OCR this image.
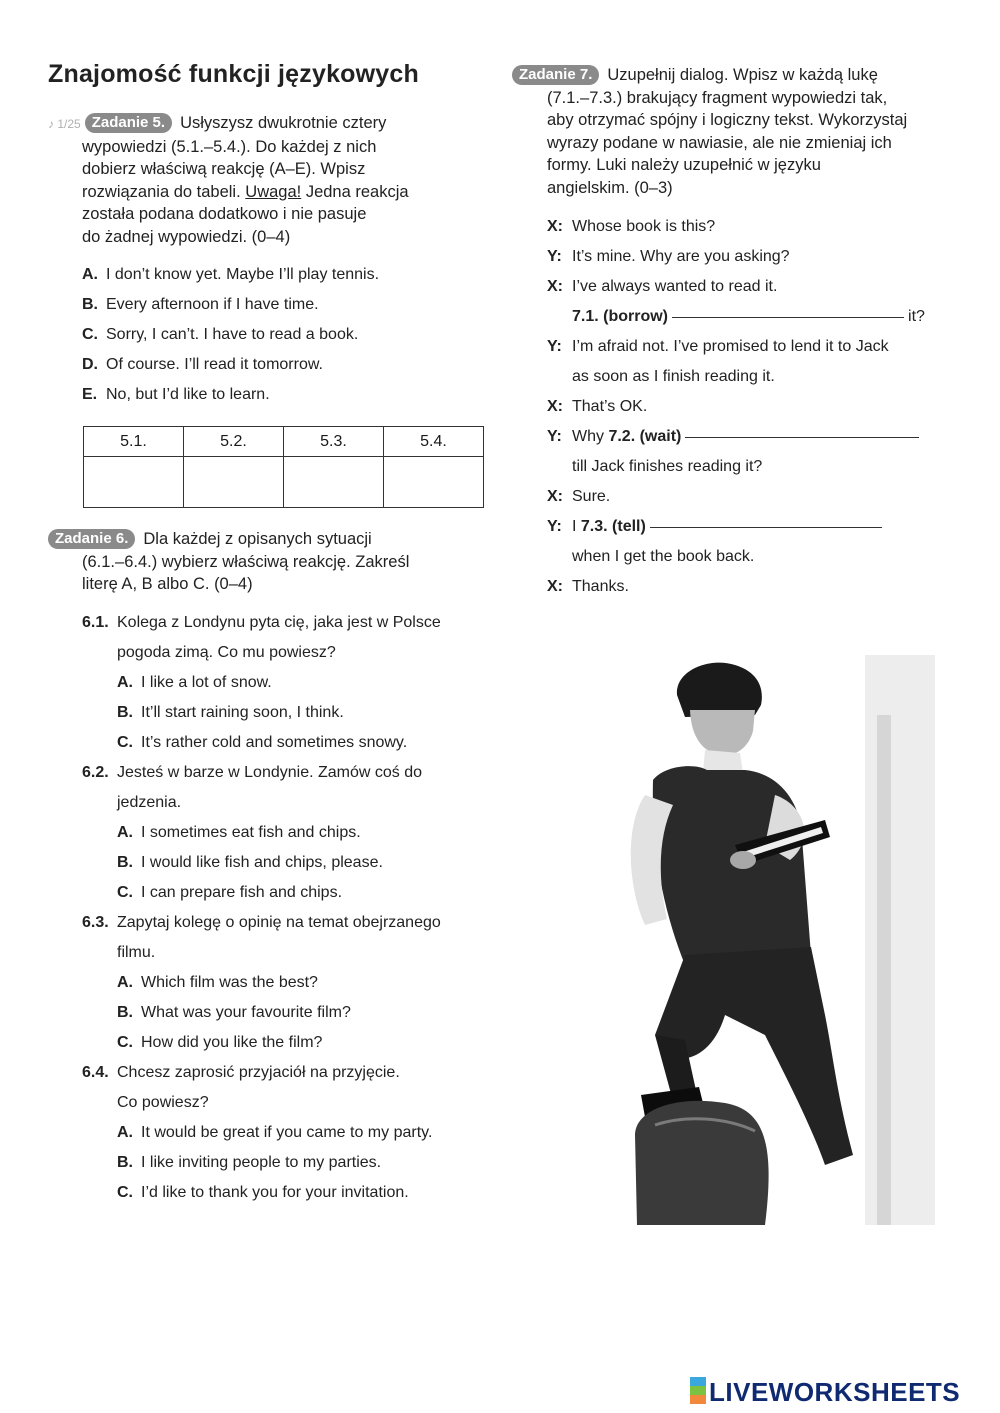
Znajomość funkcji językowych
♪ 1/25 Zadanie 5. Usłyszysz dwukrotnie cztery
wypowiedzi (5.1.–5.4.). Do każdej z nich
dobierz właściwą reakcję (A–E). Wpisz
rozwiązania do tabeli. Uwaga! Jedna reakcja
została podana dodatkowo i nie pasuje
do żadnej wypowiedzi. (0–4)
A. I don’t know yet. Maybe I’ll play tennis.
B. Every afternoon if I have time.
C. Sorry, I can’t. I have to read a book.
D. Of course. I’ll read it tomorrow.
E. No, but I’d like to learn.
5.1.	5.2.	5.3.	5.4.

Zadanie 6. Dla każdej z opisanych sytuacji
(6.1.–6.4.) wybierz właściwą reakcję. Zakreśl
literę A, B albo C. (0–4)
6.1. Kolega z Londynu pyta cię, jaka jest w Polsce
pogoda zimą. Co mu powiesz?
A. I like a lot of snow.
B. It’ll start raining soon, I think.
C. It’s rather cold and sometimes snowy.
6.2. Jesteś w barze w Londynie. Zamów coś do
jedzenia.
A. I sometimes eat fish and chips.
B. I would like fish and chips, please.
C. I can prepare fish and chips.
6.3. Zapytaj kolegę o opinię na temat obejrzanego
filmu.
A. Which film was the best?
B. What was your favourite film?
C. How did you like the film?
6.4. Chcesz zaprosić przyjaciół na przyjęcie.
Co powiesz?
A. It would be great if you came to my party.
B. I like inviting people to my parties.
C. I’d like to thank you for your invitation.
Zadanie 7. Uzupełnij dialog. Wpisz w każdą lukę
(7.1.–7.3.) brakujący fragment wypowiedzi tak,
aby otrzymać spójny i logiczny tekst. Wykorzystaj
wyrazy podane w nawiasie, ale nie zmieniaj ich
formy. Luki należy uzupełnić w języku
angielskim. (0–3)
X: Whose book is this?
Y: It’s mine. Why are you asking?
X: I’ve always wanted to read it.
7.1. (borrow)	it?
Y: I’m afraid not. I’ve promised to lend it to Jack
as soon as I finish reading it.
X: That’s OK.
Y: Why 7.2. (wait)
till Jack finishes reading it?
X: Sure.
Y: I 7.3. (tell)
when I get the book back.
X: Thanks.
LIVEWORKSHEETS
